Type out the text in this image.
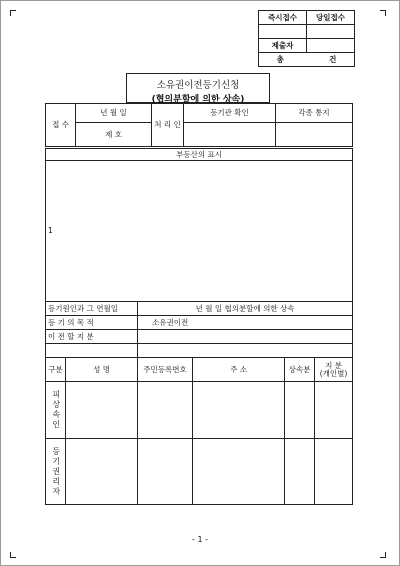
즉시접수	당일접수

제출자	
총 건	
소유권이전등기신청
(협의분할에 의한 상속)
접 수	년 월 일	처 리 인	등기관 확인	각종 통지
	제 호			
부동산의 표시					
1					
등기원인과 그 연월일		년 월 일 협의분할에 의한 상속			
등 기 의 목 적		소유권이전			
이 전 할 지 분					

구분	성 명	주민등록번호	주 소	상속분	지 분
(개인별)

피상속인					
등기권리자					
- 1 -
